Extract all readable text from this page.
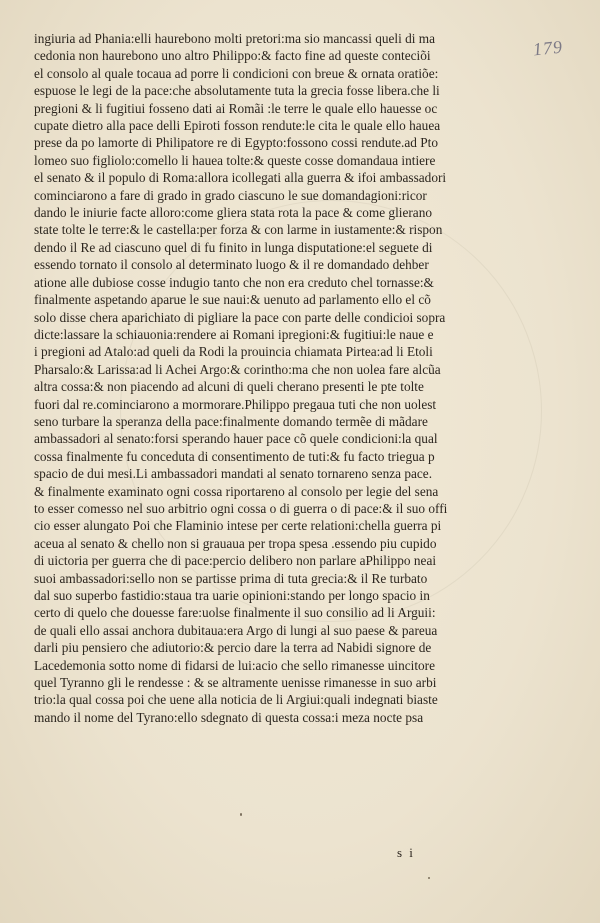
179
ingiuria ad Phania:elli haurebono molti pretori:ma sio mancassi queli di ma
cedonia non haurebono uno altro Philippo:& facto fine ad queste conteciõi
el consolo al quale tocaua ad porre li condicioni con breue & ornata oratiõe:
espuose le legi de la pace:che absolutamente tuta la grecia fosse libera.che li
pregioni & li fugitiui fosseno dati ai Romãi :le terre le quale ello hauesse oc
cupate dietro alla pace delli Epiroti fosson rendute:le cita le quale ello hauea
prese da po lamorte di Philipatore re di Egypto:fossono cossi rendute.ad Pto
lomeo suo figliolo:comello li hauea tolte:& queste cosse domandaua intiere
el senato & il populo di Roma:allora icollegati alla guerra & ifoi ambassadori
cominciarono a fare di grado in grado ciascuno le sue domandagioni:ricor
dando le iniurie facte alloro:come gliera stata rota la pace & come glierano
state tolte le terre:& le castella:per forza & con larme in iustamente:& rispon
dendo il Re ad ciascuno quel di fu finito in lunga disputatione:el seguete di
essendo tornato il consolo al determinato luogo & il re domandado dehber
atione alle dubiose cosse indugio tanto che non era creduto chel tornasse:&
finalmente aspetando aparue le sue naui:& uenuto ad parlamento ello el cõ
solo disse chera aparichiato di pigliare la pace con parte delle condicioi sopra
dicte:lassare la schiauonia:rendere ai Romani ipregioni:& fugitiui:le naue e
i pregioni ad Atalo:ad queli da Rodi la prouincia chiamata Pirtea:ad li Etoli
Pharsalo:& Larissa:ad li Achei Argo:& corintho:ma che non uolea fare alcũa
altra cossa:& non piacendo ad alcuni di queli cherano presenti le pte tolte
fuori dal re.cominciarono a mormorare.Philippo pregaua tuti che non uolest
seno turbare la speranza della pace:finalmente domando termẽe di mãdare
ambassadori al senato:forsi sperando hauer pace cõ quele condicioni:la qual
cossa finalmente fu conceduta di consentimento de tuti:& fu facto triegua p
spacio de dui mesi.Li ambassadori mandati al senato tornareno senza pace.
& finalmente examinato ogni cossa riportareno al consolo per legie del sena
to esser comesso nel suo arbitrio ogni cossa o di guerra o di pace:& il suo offi
cio esser alungato Poi che Flaminio intese per certe relationi:chella guerra pi
aceua al senato & chello non si grauaua per tropa spesa .essendo piu cupido
di uictoria per guerra che di pace:percio delibero non parlare aPhilippo neai
suoi ambassadori:sello non se partisse prima di tuta grecia:& il Re turbato
dal suo superbo fastidio:staua tra uarie opinioni:stando per longo spacio in
certo di quelo che douesse fare:uolse finalmente il suo consilio ad li Arguii:
de quali ello assai anchora dubitaua:era Argo di lungi al suo paese & pareua
darli piu pensiero che adiutorio:& percio dare la terra ad Nabidi signore de
Lacedemonia sotto nome di fidarsi de lui:acio che sello rimanesse uincitore
quel Tyranno gli le rendesse : & se altramente uenisse rimanesse in suo arbi
trio:la qual cossa poi che uene alla noticia de li Argiui:quali indegnati biaste
mando il nome del Tyrano:ello sdegnato di questa cossa:i meza nocte psa
s i
